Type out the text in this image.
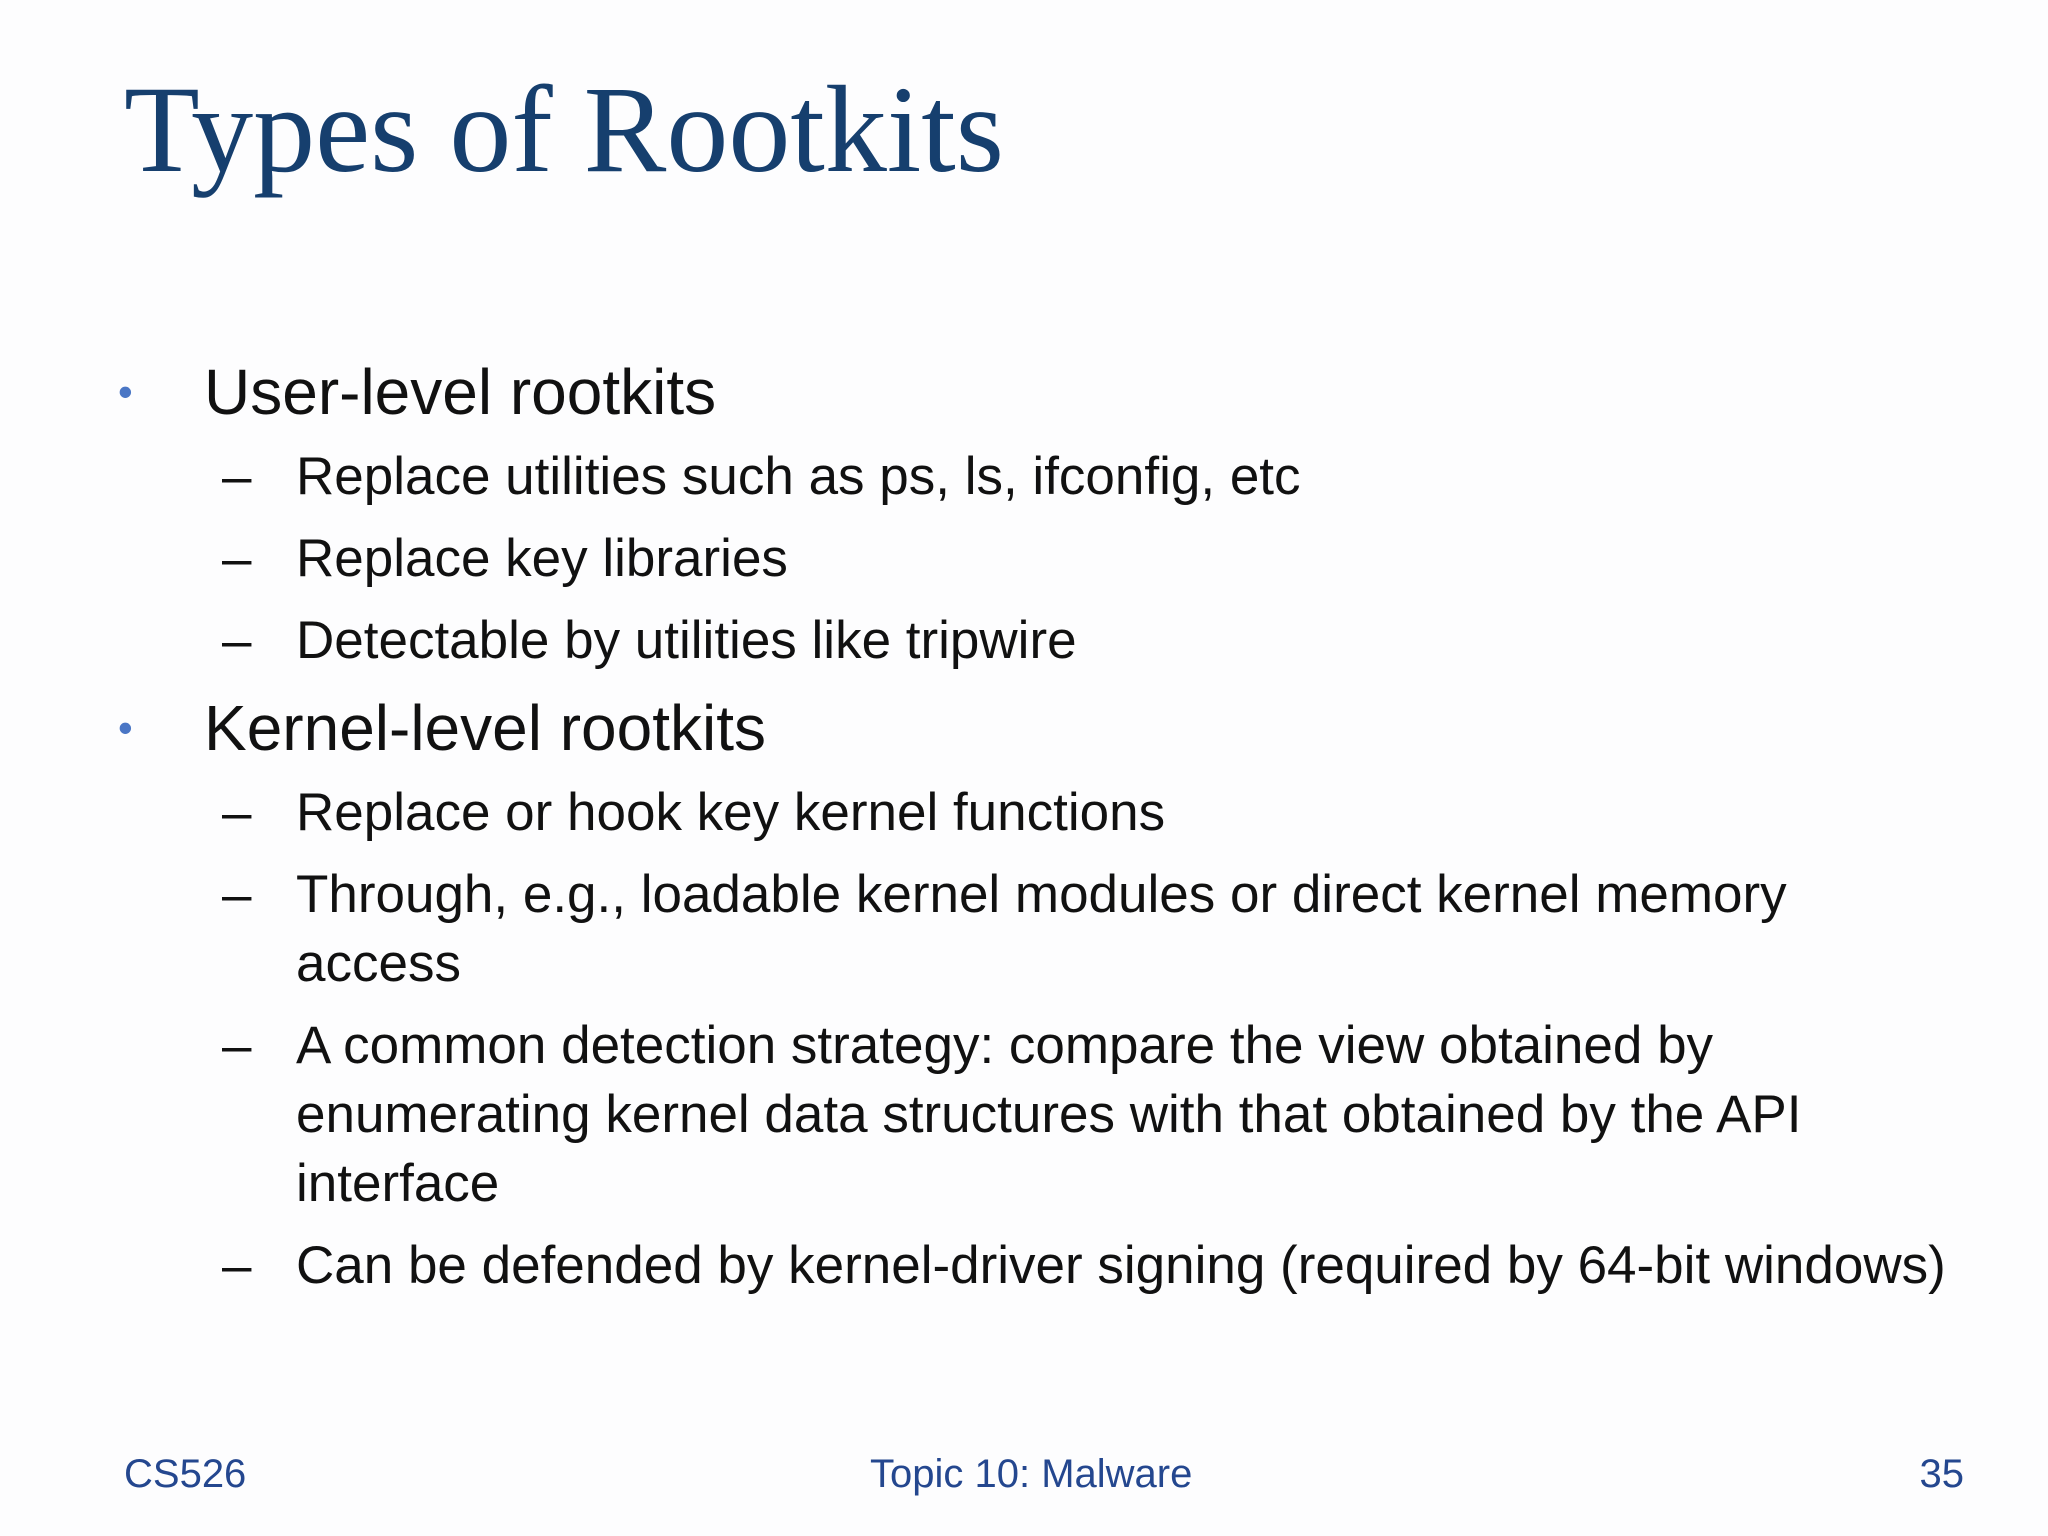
Types of Rootkits
• User-level rootkits
– Replace utilities such as ps, ls, ifconfig, etc
– Replace key libraries
– Detectable by utilities like tripwire
• Kernel-level rootkits
– Replace or hook key kernel functions
– Through, e.g., loadable kernel modules or direct kernel memory access
– A common detection strategy: compare the view obtained by enumerating kernel data structures with that obtained by the API interface
– Can be defended by kernel-driver signing (required by 64-bit windows)
CS526	Topic 10: Malware	35
